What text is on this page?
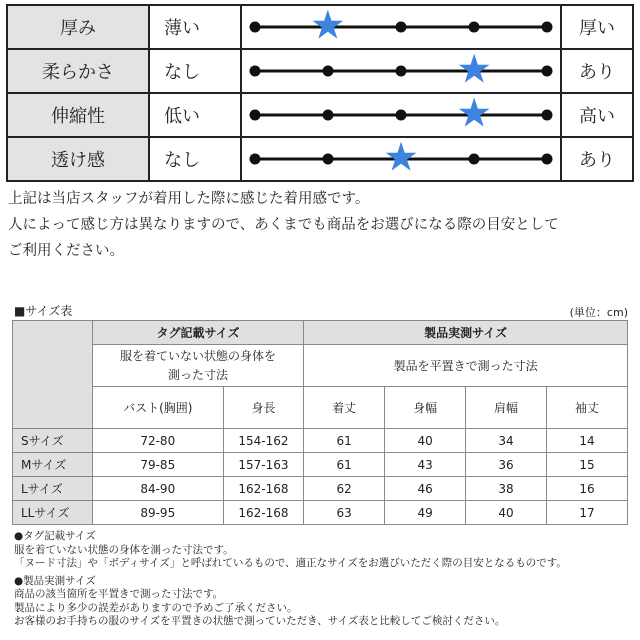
厚み	薄い	★	厚い
柔らかさ	なし	★	あり
伸縮性	低い	★	高い
透け感	なし	★	あり
上記は当店スタッフが着用した際に感じた着用感です。
人によって感じ方は異なりますので、あくまでも商品をお選びになる際の目安として
ご利用ください。
■サイズ表	(単位：cm)
	タグ記載サイズ		製品実測サイズ			
	服を着ていない状態の身体を測った寸法		製品を平置きで測った寸法			
	バスト(胸囲)	身長	着丈	身幅	肩幅	袖丈
Sサイズ	72-80	154-162	61	40	34	14
Mサイズ	79-85	157-163	61	43	36	15
Lサイズ	84-90	162-168	62	46	38	16
LLサイズ	89-95	162-168	63	49	40	17
●タグ記載サイズ
服を着ていない状態の身体を測った寸法です。
「ヌード寸法」や「ボディサイズ」と呼ばれているもので、適正なサイズをお選びいただく際の目安となるものです。
●製品実測サイズ
商品の該当箇所を平置きで測った寸法です。
製品により多少の誤差がありますので予めご了承ください。
お客様のお手持ちの服のサイズを平置きの状態で測っていただき、サイズ表と比較してご検討ください。
